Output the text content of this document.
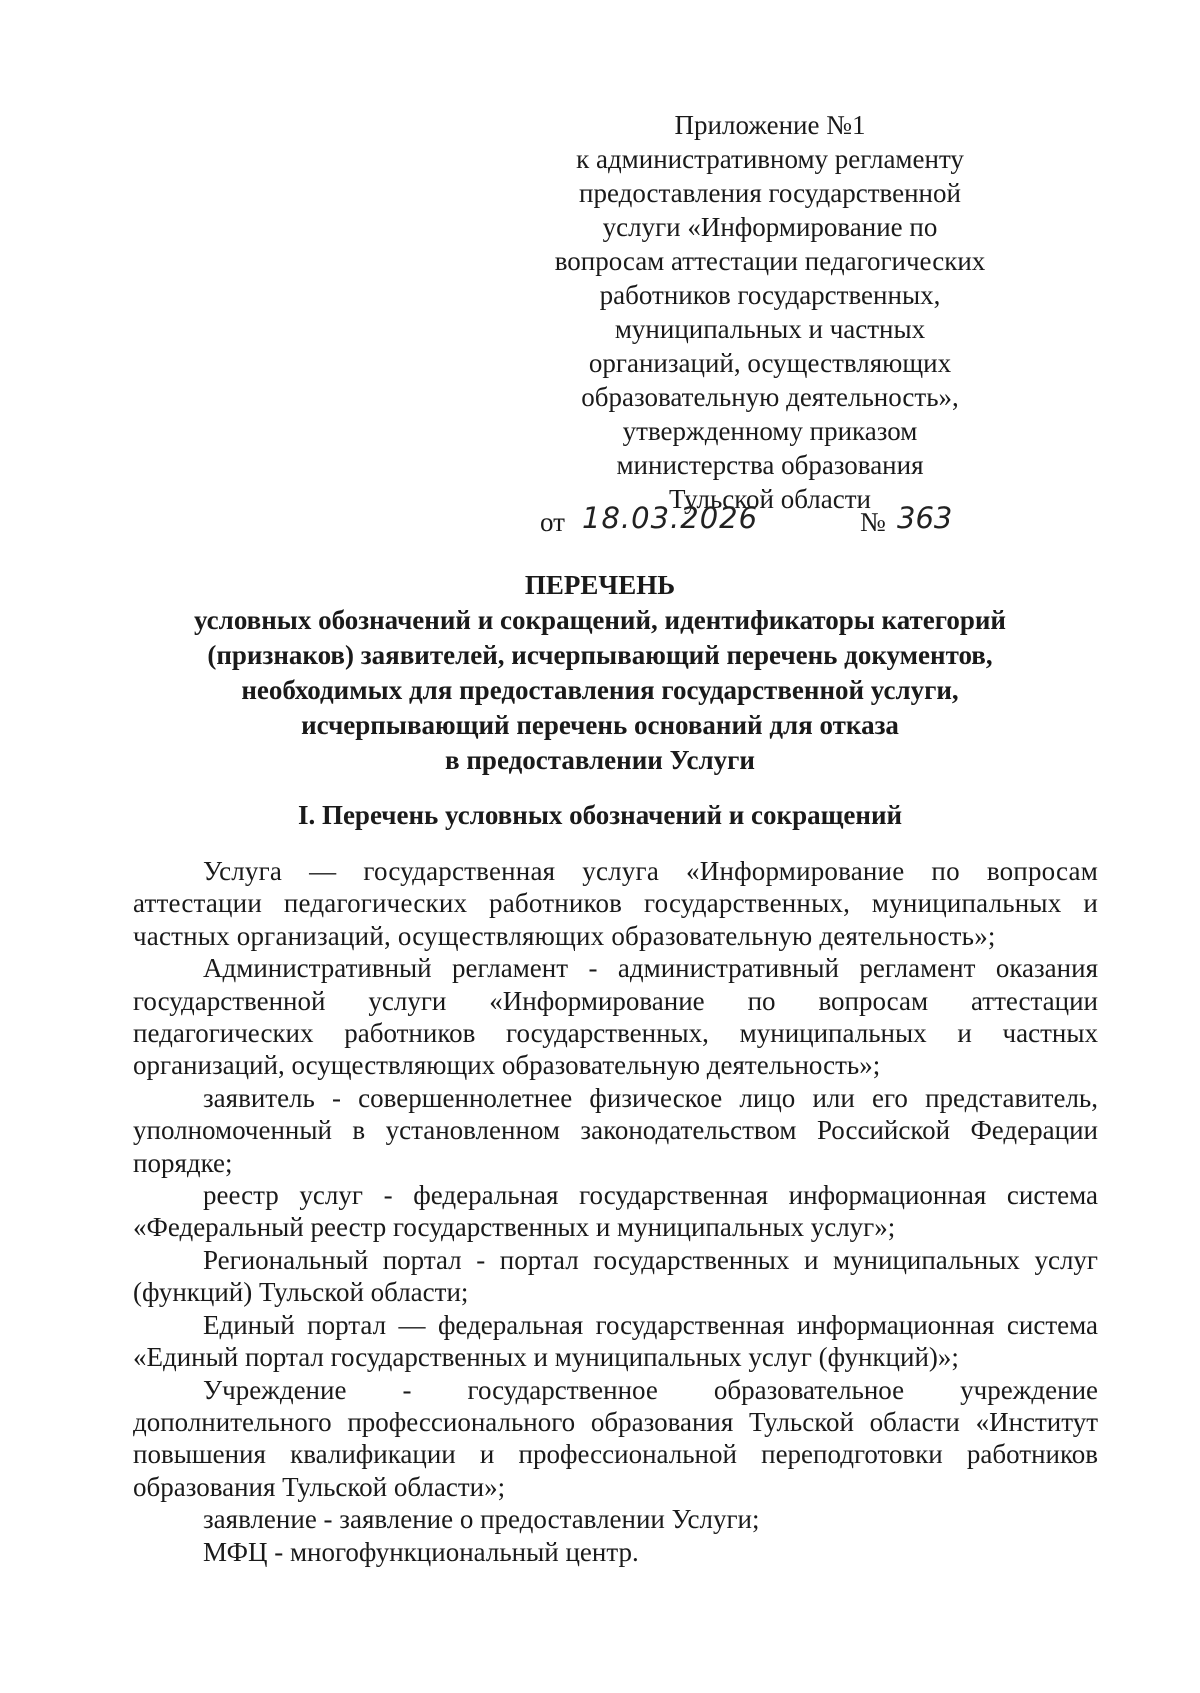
Приложение №1
к административному регламенту
предоставления государственной
услуги «Информирование по
вопросам аттестации педагогических
работников государственных,
муниципальных и частных
организаций, осуществляющих
образовательную деятельность»,
утвержденному приказом
министерства образования
Тульской области
от 18.03.2026	№ 363
ПЕРЕЧЕНЬ
условных обозначений и сокращений, идентификаторы категорий
(признаков) заявителей, исчерпывающий перечень документов,
необходимых для предоставления государственной услуги,
исчерпывающий перечень оснований для отказа
в предоставлении Услуги
I. Перечень условных обозначений и сокращений

Услуга — государственная услуга «Информирование по вопросам аттестации педагогических работников государственных, муниципальных и частных организаций, осуществляющих образовательную деятельность»;

Административный регламент - административный регламент оказания государственной услуги «Информирование по вопросам аттестации педагогических работников государственных, муниципальных и частных организаций, осуществляющих образовательную деятельность»;

заявитель - совершеннолетнее физическое лицо или его представитель, уполномоченный в установленном законодательством Российской Федерации порядке;

реестр услуг - федеральная государственная информационная система «Федеральный реестр государственных и муниципальных услуг»;

Региональный портал - портал государственных и муниципальных услуг (функций) Тульской области;

Единый портал — федеральная государственная информационная система «Единый портал государственных и муниципальных услуг (функций)»;

Учреждение - государственное образовательное учреждение дополнительного профессионального образования Тульской области «Институт повышения квалификации и профессиональной переподготовки работников образования Тульской области»;

заявление - заявление о предоставлении Услуги;

МФЦ - многофункциональный центр.
